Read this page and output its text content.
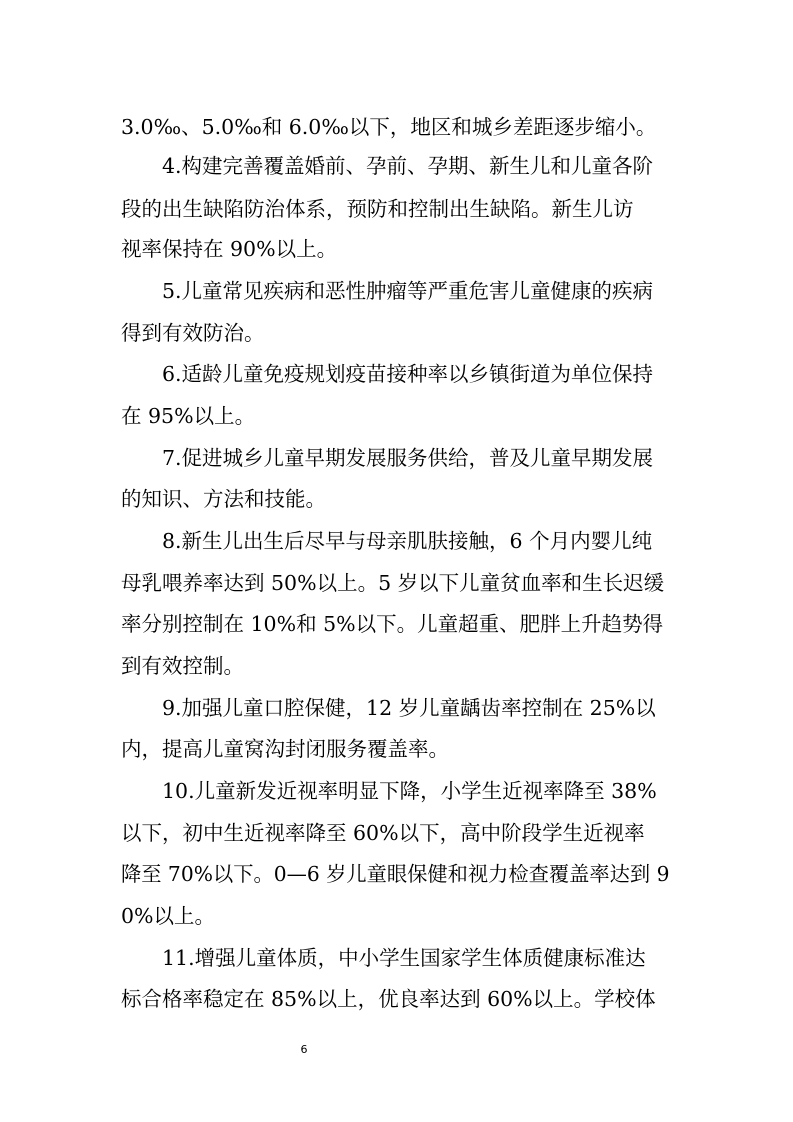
3.0‰、5.0‰和 6.0‰以下，地区和城乡差距逐步缩小。
4.构建完善覆盖婚前、孕前、孕期、新生儿和儿童各阶
段的出生缺陷防治体系，预防和控制出生缺陷。新生儿访
视率保持在 90%以上。
5.儿童常见疾病和恶性肿瘤等严重危害儿童健康的疾病
得到有效防治。
6.适龄儿童免疫规划疫苗接种率以乡镇街道为单位保持
在 95%以上。
7.促进城乡儿童早期发展服务供给，普及儿童早期发展
的知识、方法和技能。
8.新生儿出生后尽早与母亲肌肤接触，6 个月内婴儿纯
母乳喂养率达到 50%以上。5 岁以下儿童贫血率和生长迟缓
率分别控制在 10%和 5%以下。儿童超重、肥胖上升趋势得
到有效控制。
9.加强儿童口腔保健，12 岁儿童龋齿率控制在 25%以
内，提高儿童窝沟封闭服务覆盖率。
10.儿童新发近视率明显下降，小学生近视率降至 38%
以下，初中生近视率降至 60%以下，高中阶段学生近视率
降至 70%以下。0—6 岁儿童眼保健和视力检查覆盖率达到 9
0%以上。
11.增强儿童体质，中小学生国家学生体质健康标准达
标合格率稳定在 85%以上，优良率达到 60%以上。学校体
6
